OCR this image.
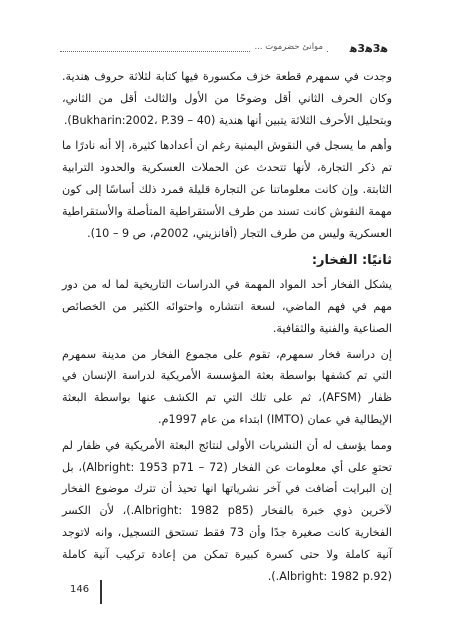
موانئ حضرموت ... ﻫ3ﻫ3ﻫ

وجدت في سمهرم قطعة خزف مكسورة فيها كتابة لثلاثة حروف هندية. وكان الحرف الثاني أقل وضوحًا من الأول والثالث أقل من الثاني، وبتحليل الأحرف الثلاثة يتبين أنها هندية (40 – Bukharin:2002، P.39).

وأهم ما يسجل في النقوش اليمنية رغم ان أعدادها كثيرة، إلا أنه نادرًا ما تم ذكر التجارة، لأنها تتحدث عن الحملات العسكرية والحدود الترابية الثابتة. وإن كانت معلوماتنا عن التجارة قليلة فمرد ذلك أساسًا إلى كون مهمة النقوش كانت تسند من طرف الأستقراطية المتأصلة والأستقراطية العسكرية وليس من طرف التجار (أفانزيني، 2002م، ص 9 – 10).

ثانيًا: الفخار:

يشكل الفخار أحد المواد المهمة في الدراسات التاريخية لما له من دور مهم في فهم الماضي، لسعة انتشاره واحتوائه الكثير من الخصائص الصناعية والفنية والثقافية.

إن دراسة فخار سمهرم، تقوم على مجموع الفخار من مدينة سمهرم التي تم كشفها بواسطة بعثة المؤسسة الأمريكية لدراسة الإنسان في ظفار (AFSM)، ثم على تلك التي تم الكشف عنها بواسطة البعثة الإيطالية في عمان (IMTO) ابتداء من عام 1997م.

ومما يؤسف له أن النشريات الأولى لنتائج البعثة الأمريكية في ظفار لم تحتوِ على أي معلومات عن الفخار (72 – Albright: 1953 p71)، بل إن البرايت أضافت في آخر نشرياتها انها تحيذ أن تترك موضوع الفخار لآخرين ذوي خبرة بالفخار (Albright: 1982 p85.)، لأن الكسر الفخارية كانت صغيرة جدًا وأن 73 فقط تستحق التسجيل، وانه لاتوجد آنية كاملة ولا حتى كسرة كبيرة تمكن من إعادة تركيب آنية كاملة (Albright: 1982 p.92.).

146
